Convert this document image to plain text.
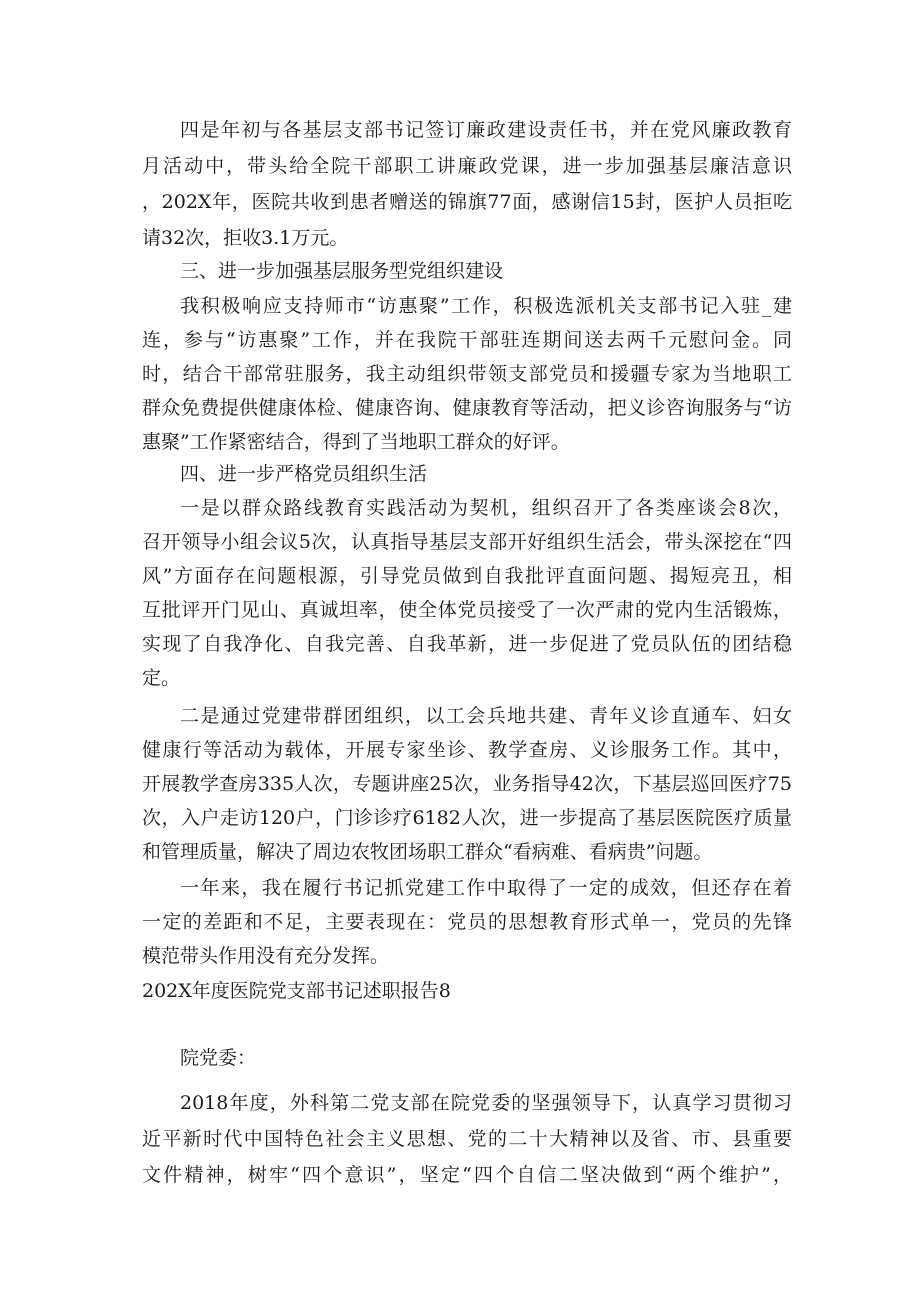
四是年初与各基层支部书记签订廉政建设责任书，并在党风廉政教育
月活动中，带头给全院干部职工讲廉政党课，进一步加强基层廉洁意识
，202X年，医院共收到患者赠送的锦旗77面，感谢信15封，医护人员拒吃
请32次，拒收3.1万元。
三、进一步加强基层服务型党组织建设
我积极响应支持师市“访惠聚”工作，积极选派机关支部书记入驻_建
连，参与“访惠聚”工作，并在我院干部驻连期间送去两千元慰问金。同
时，结合干部常驻服务，我主动组织带领支部党员和援疆专家为当地职工
群众免费提供健康体检、健康咨询、健康教育等活动，把义诊咨询服务与“访
惠聚”工作紧密结合，得到了当地职工群众的好评。
四、进一步严格党员组织生活
一是以群众路线教育实践活动为契机，组织召开了各类座谈会8次，
召开领导小组会议5次，认真指导基层支部开好组织生活会，带头深挖在“四
风”方面存在问题根源，引导党员做到自我批评直面问题、揭短亮丑，相
互批评开门见山、真诚坦率，使全体党员接受了一次严肃的党内生活锻炼，
实现了自我净化、自我完善、自我革新，进一步促进了党员队伍的团结稳
定。
二是通过党建带群团组织，以工会兵地共建、青年义诊直通车、妇女
健康行等活动为载体，开展专家坐诊、教学查房、义诊服务工作。其中，
开展教学查房335人次，专题讲座25次，业务指导42次，下基层巡回医疗75
次，入户走访120户，门诊诊疗6182人次，进一步提高了基层医院医疗质量
和管理质量，解决了周边农牧团场职工群众“看病难、看病贵”问题。
一年来，我在履行书记抓党建工作中取得了一定的成效，但还存在着
一定的差距和不足，主要表现在：党员的思想教育形式单一，党员的先锋
模范带头作用没有充分发挥。
202X年度医院党支部书记述职报告8
院党委：
2018年度，外科第二党支部在院党委的坚强领导下，认真学习贯彻习
近平新时代中国特色社会主义思想、党的二十大精神以及省、市、县重要
文件精神，树牢“四个意识”，坚定“四个自信二坚决做到“两个维护”，
